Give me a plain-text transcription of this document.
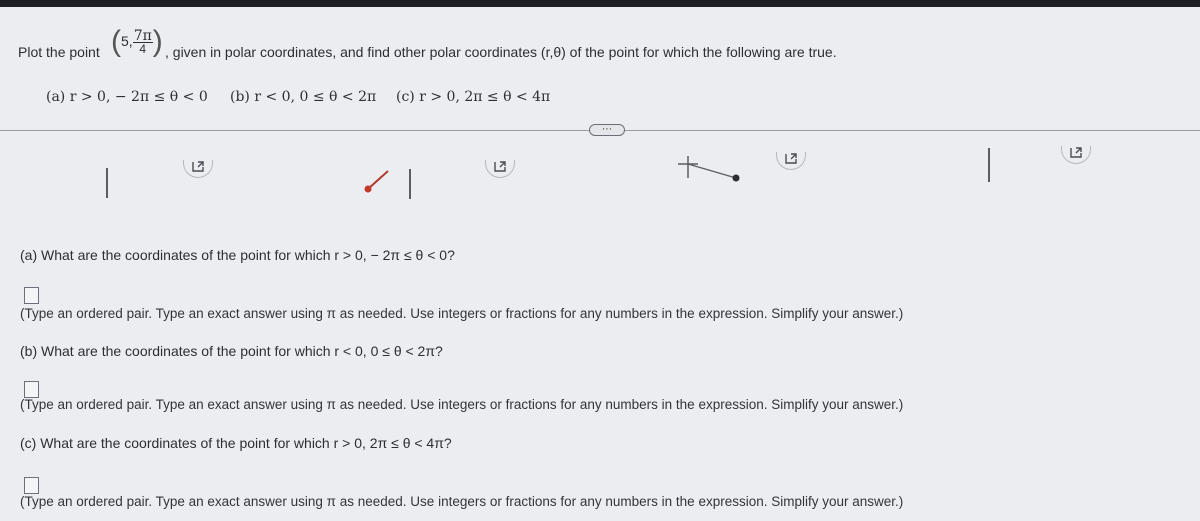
Plot the point (5, $\frac{7\pi}{4}$ ) , given in polar coordinates, and find other polar coordinates (r,θ) of the point for which the following are true.
(a) r > 0, − 2π ≤ θ < 0 (b) r < 0, 0 ≤ θ < 2π (c) r > 0, 2π ≤ θ < 4π
⋯
(a) What are the coordinates of the point for which r > 0, − 2π ≤ θ < 0?
(Type an ordered pair. Type an exact answer using π as needed. Use integers or fractions for any numbers in the expression. Simplify your answer.)
(b) What are the coordinates of the point for which r < 0, 0 ≤ θ < 2π?
(Type an ordered pair. Type an exact answer using π as needed. Use integers or fractions for any numbers in the expression. Simplify your answer.)
(c) What are the coordinates of the point for which r > 0, 2π ≤ θ < 4π?
(Type an ordered pair. Type an exact answer using π as needed. Use integers or fractions for any numbers in the expression. Simplify your answer.)
